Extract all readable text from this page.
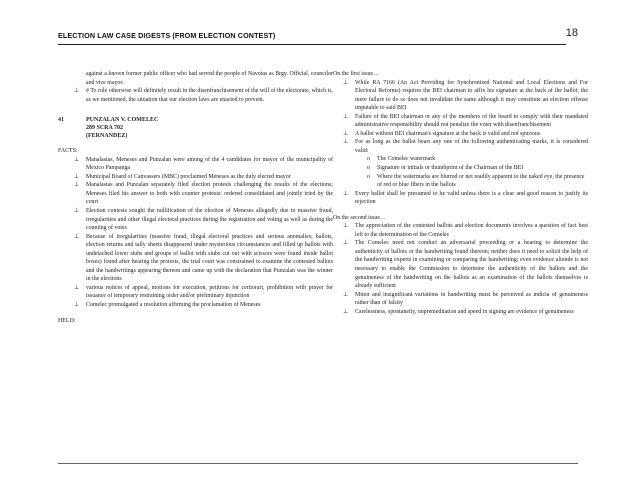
ELECTION LAW CASE DIGESTS (FROM ELECTION CONTEST)	18
against a known former public officer who had served the people of Navotas as Brgy. Official, councilor and vice mayor.
⊥ # To rule otherwise will definitely result in the disenfranchisement of the will of the electorate, which is, as we mentioned, the situation that our election laws are enacted to prevent.
41	PUNZALAN V. COMELEC
289 SCRA 702
(FERNANDEZ)
FACTS:
⊥ Manalastas, Meneses and Punzalan were among of the 4 candidates for mayor of the municipality of Mexico Pampanga
⊥ Municipal Board of Canvassers (MBC) proclaimed Meneses as the duly elected mayor
⊥ Manalastas and Punzalan separately filed election protests challenging the results of the elections; Meneses filed his answer to both with counter protests: ordered consolidated and jointly tried by the court
⊥ Election contests sought the nullification of the election of Meneses allegedly due to massive fraud, irregularities and other illegal electoral practices during the registration and voting as well as during the counting of votes
⊥ Because of irregularities (massive fraud, illegal electoral practices and serious anomalies; ballots, election returns and tally sheets disappeared under mysterious circumstances and filled up ballots with undetached lower stubs and groups of ballot with stubs cut out with scissors were found inside ballot boxes) found after hearing the protests, the trial court was constrained to examine the contested ballots and the handwritings appearing thereon and came up with the declaration that Punzalan was the winner in the elections
⊥ various notices of appeal, motions for execution, petitions for certiorari, prohibition with prayer for issuance of temporary restraining order and/or preliminary injunction
⊥ Comelec promulgated a resolution affirming the proclamation of Meneses
HELD:
On the first issue…
⊥ While RA 7166 (An Act Providing for Synchronized National and Local Elections and For Electoral Reforms) requires the BEI chairman to affix his signature at the back of the ballot, the mere failure to do so does not invalidate the same although it may constitute an election offense imputable to said BEI
⊥ Failure of the BEI chairman or any of the members of the board to comply with their mandated administrative responsibility should not penalize the voter with disenfranchisement
⊥ A ballot without BEI chairman's signature at the back is valid and not spurious
⊥ For as long as the ballot bears any one of the following authenticating marks, it is considered valid:
o The Comelec watermark
o Signature or initials or thumbprint of the Chairman of the BEI
o Where the watermarks are blurred or not readily apparent to the naked eye, the presence of red or blue fibers in the ballots
⊥ Every ballot shall be presumed to be valid unless there is a clear and good reason to justify its rejection
On the second issue…
⊥ The appreciation of the contested ballots and election documents involves a question of fact best left to the determination of the Comelec
⊥ The Comelec need not conduct an adversarial proceeding or a hearing to determine the authenticity of ballots or the handwriting found thereon; neither does it need to solicit the help of the handwriting experts in examining or comparing the handwriting; even evidence aliunde is not necessary to enable the Commission to determine the authenticity of the ballots and the genuineness of the handwriting on the ballots as an examination of the ballots themselves is already sufficient
⊥ Minor and insignificant variations in handwriting must be perceived as indicia of genuineness rather than of falsity
⊥ Carelessness, spontaneity, unpremeditation and speed in signing are evidence of genuineness
